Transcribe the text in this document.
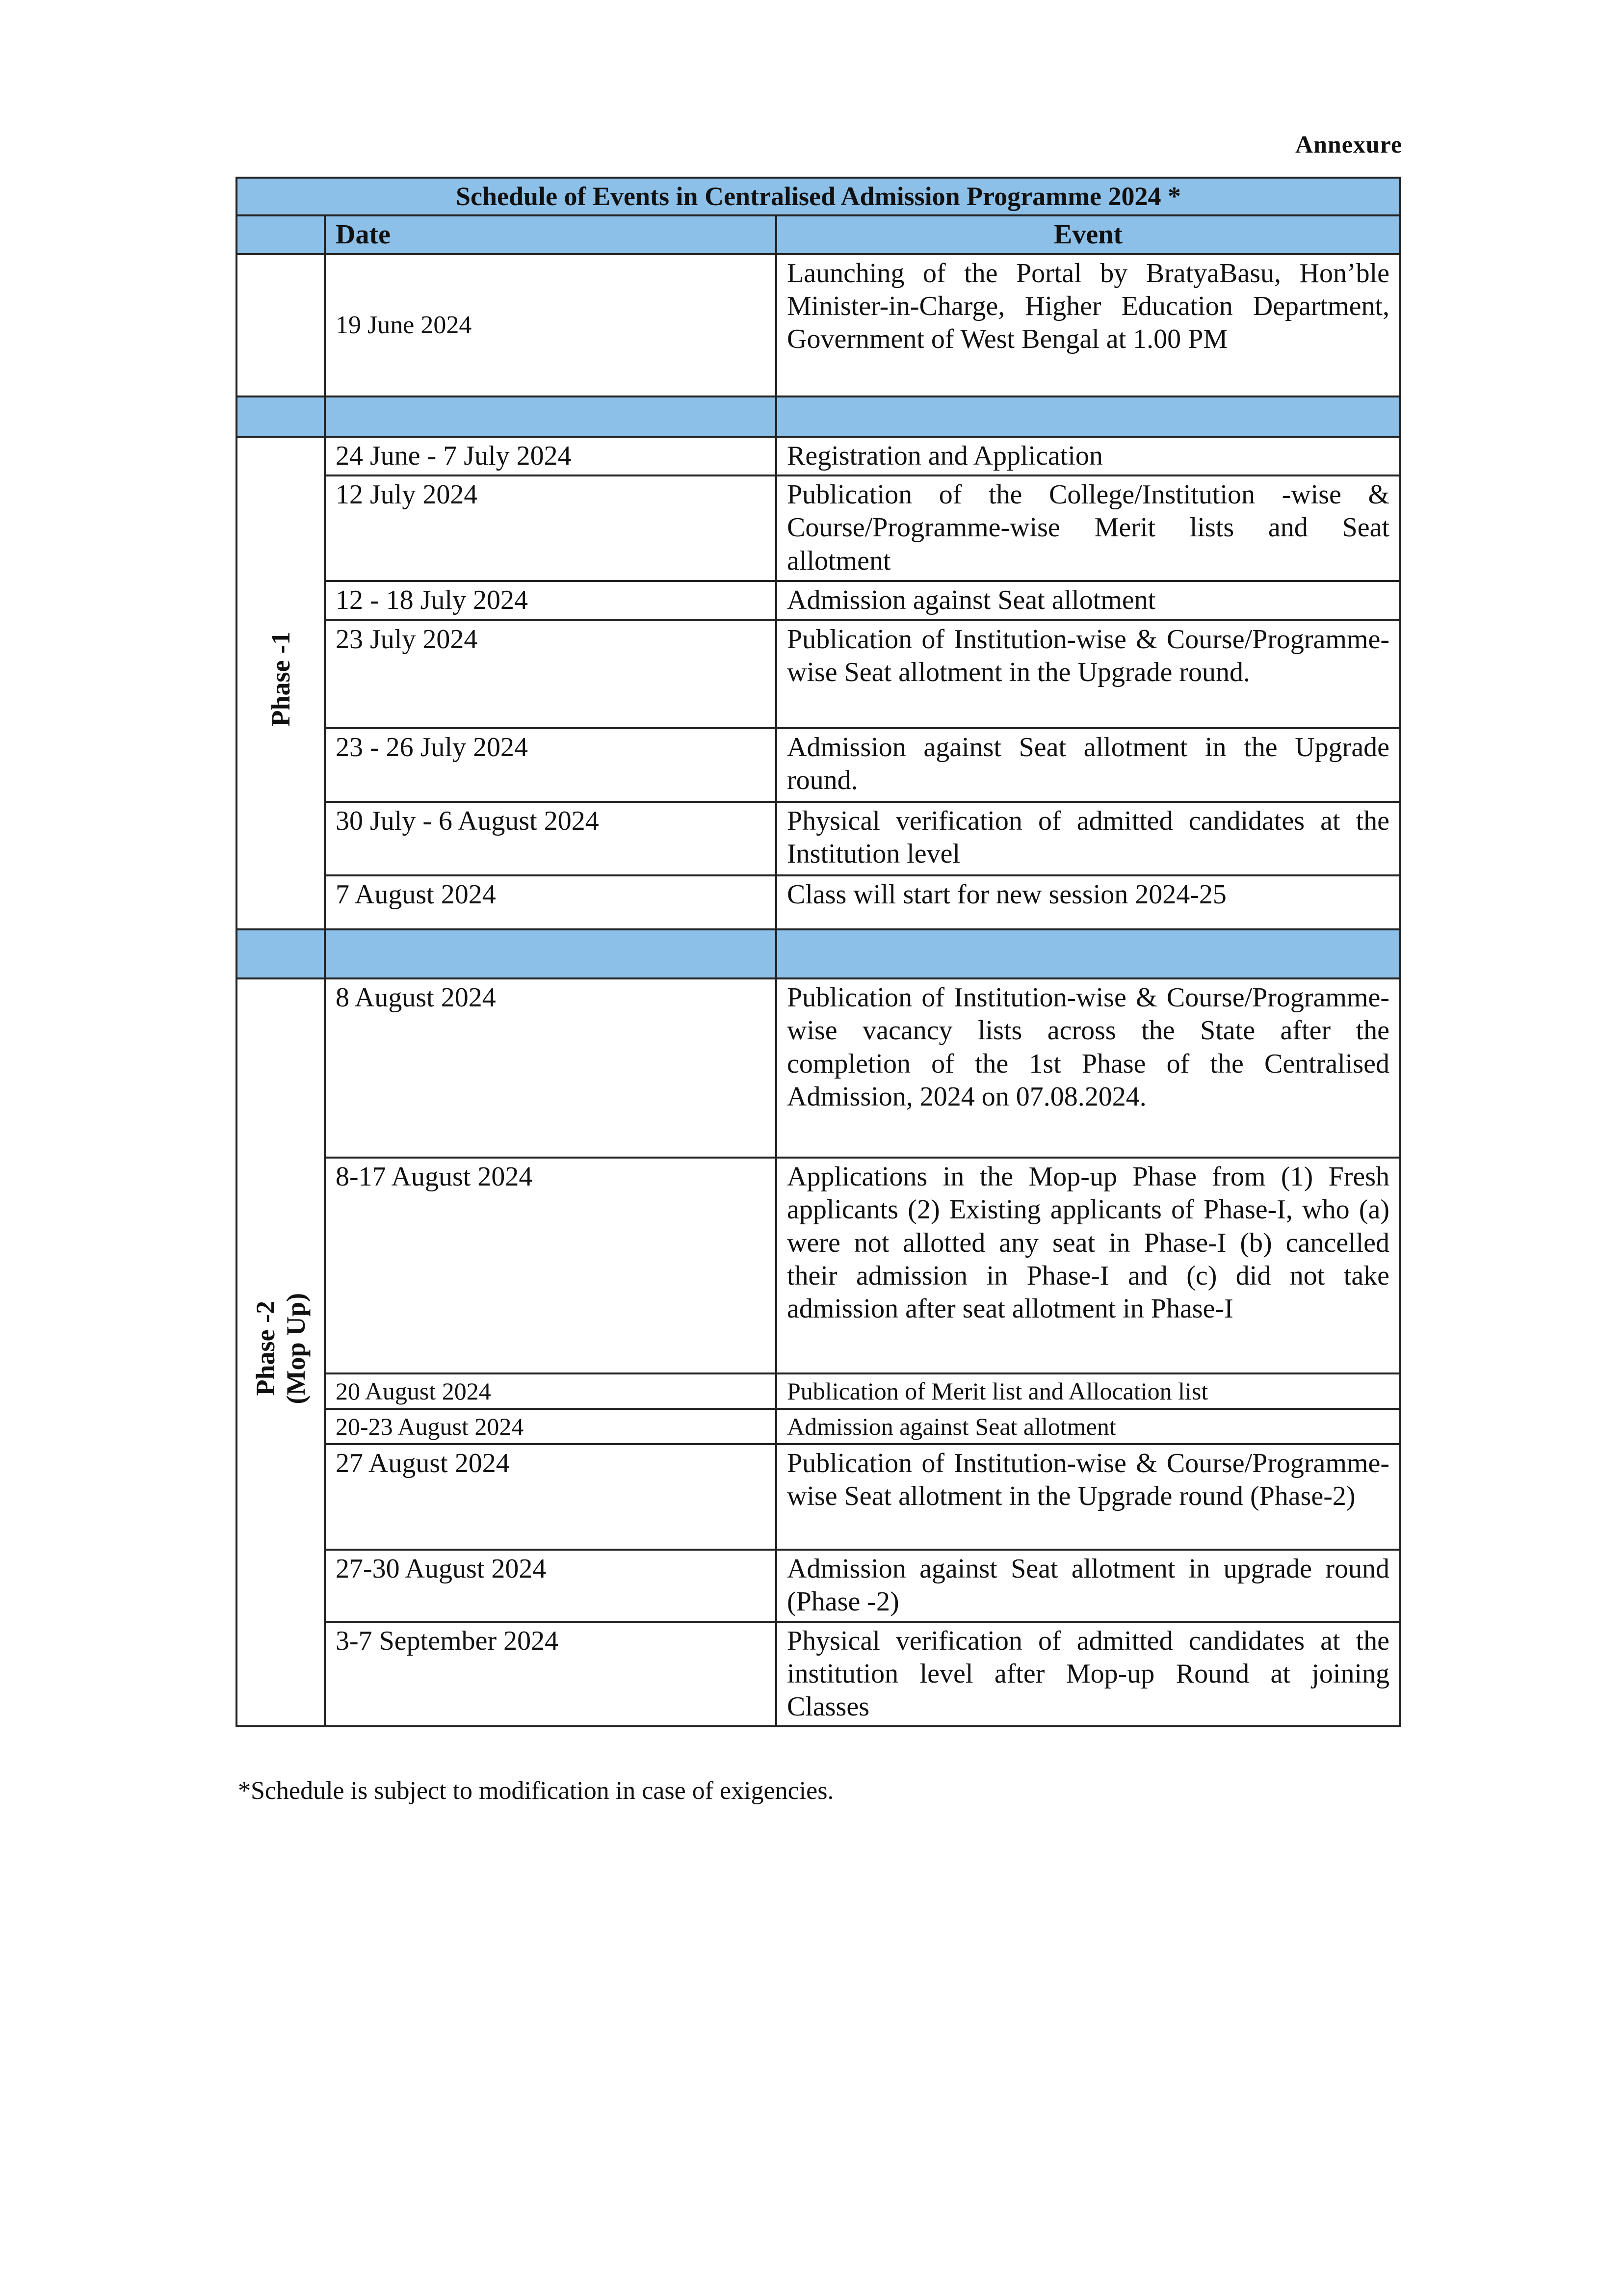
Annexure
Schedule of Events in Centralised Admission Programme 2024 *		
	Date	Event
	19 June 2024	Launching of the Portal by BratyaBasu, Hon’ble Minister-in-Charge, Higher Education Department, Government of West Bengal at 1.00 PM

Phase -1	24 June - 7 July 2024	Registration and Application
	12 July 2024	Publication of the College/Institution -wise & Course/Programme-wise Merit lists and Seat allotment
	12 - 18 July 2024	Admission against Seat allotment
	23 July 2024	Publication of Institution-wise & Course/Programme-wise Seat allotment in the Upgrade round.
	23 - 26 July 2024	Admission against Seat allotment in the Upgrade round.
	30 July - 6 August 2024	Physical verification of admitted candidates at the Institution level
	7 August 2024	Class will start for new session 2024-25

Phase -2
(Mop Up)	8 August 2024	Publication of Institution-wise & Course/Programme-wise vacancy lists across the State after the completion of the 1st Phase of the Centralised Admission, 2024 on 07.08.2024.
	8-17 August 2024	Applications in the Mop-up Phase from (1) Fresh applicants (2) Existing applicants of Phase-I, who (a) were not allotted any seat in Phase-I (b) cancelled their admission in Phase-I and (c) did not take admission after seat allotment in Phase-I
	20 August 2024	Publication of Merit list and Allocation list
	20-23 August 2024	Admission against Seat allotment
	27 August 2024	Publication of Institution-wise & Course/Programme-wise Seat allotment in the Upgrade round (Phase-2)
	27-30 August 2024	Admission against Seat allotment in upgrade round (Phase -2)
	3-7 September 2024	Physical verification of admitted candidates at the institution level after Mop-up Round at joining Classes
*Schedule is subject to modification in case of exigencies.
